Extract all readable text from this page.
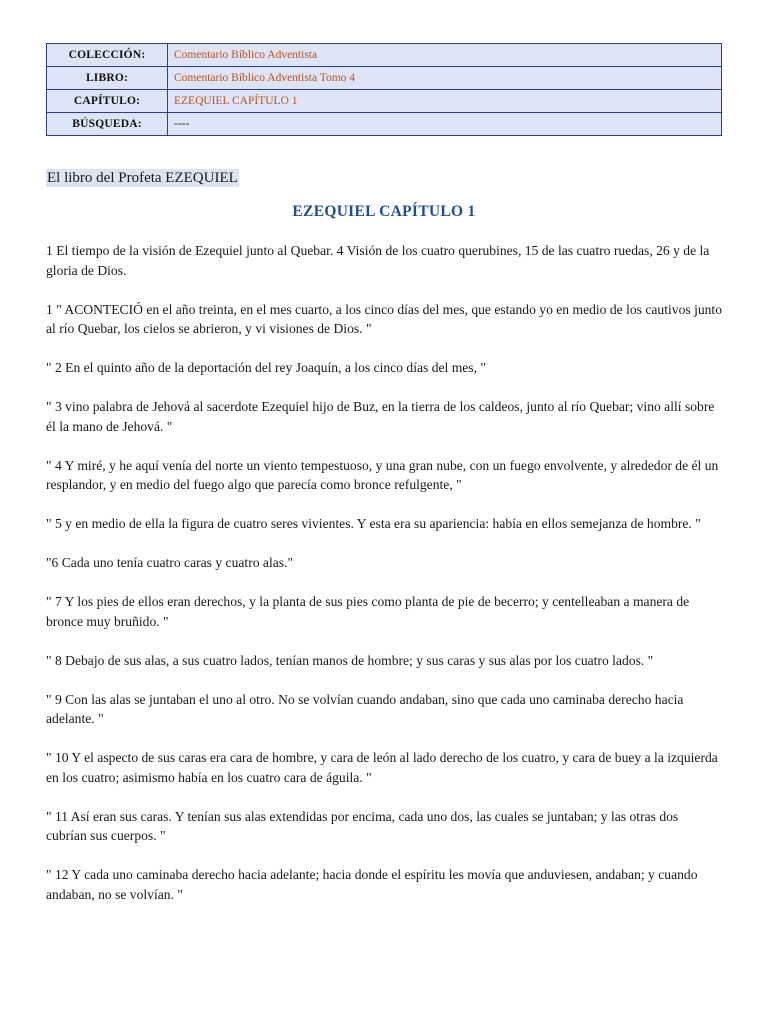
COLECCIÓN:	Comentario Bíblico Adventista
LIBRO:	Comentario Bíblico Adventista Tomo 4
CAPÍTULO:	EZEQUIEL CAPÍTULO 1
BÚSQUEDA:	----
El libro del Profeta EZEQUIEL
EZEQUIEL CAPÍTULO 1

1 El tiempo de la visión de Ezequiel junto al Quebar. 4 Visión de los cuatro querubines, 15 de las cuatro ruedas, 26 y de la gloria de Dios.

1 " ACONTECIÓ en el año treinta, en el mes cuarto, a los cinco días del mes, que estando yo en medio de los cautivos junto al río Quebar, los cielos se abrieron, y vi visiones de Dios. "

" 2 En el quinto año de la deportación del rey Joaquín, a los cinco días del mes, "

" 3 vino palabra de Jehová al sacerdote Ezequiel hijo de Buz, en la tierra de los caldeos, junto al río Quebar; vino allí sobre él la mano de Jehová. "

" 4 Y miré, y he aquí venía del norte un viento tempestuoso, y una gran nube, con un fuego envolvente, y alrededor de él un resplandor, y en medio del fuego algo que parecía como bronce refulgente, "

" 5 y en medio de ella la figura de cuatro seres vivientes. Y esta era su apariencia: había en ellos semejanza de hombre. "

"6 Cada uno tenía cuatro caras y cuatro alas."

" 7 Y los pies de ellos eran derechos, y la planta de sus pies como planta de pie de becerro; y centelleaban a manera de bronce muy bruñido. "

" 8 Debajo de sus alas, a sus cuatro lados, tenían manos de hombre; y sus caras y sus alas por los cuatro lados. "

" 9 Con las alas se juntaban el uno al otro. No se volvían cuando andaban, sino que cada uno caminaba derecho hacia adelante. "

" 10 Y el aspecto de sus caras era cara de hombre, y cara de león al lado derecho de los cuatro, y cara de buey a la izquierda en los cuatro; asimismo había en los cuatro cara de águila. "

" 11 Así eran sus caras. Y tenían sus alas extendidas por encima, cada uno dos, las cuales se juntaban; y las otras dos cubrían sus cuerpos. "

" 12 Y cada uno caminaba derecho hacia adelante; hacia donde el espíritu les movía que anduviesen, andaban; y cuando andaban, no se volvían. "
